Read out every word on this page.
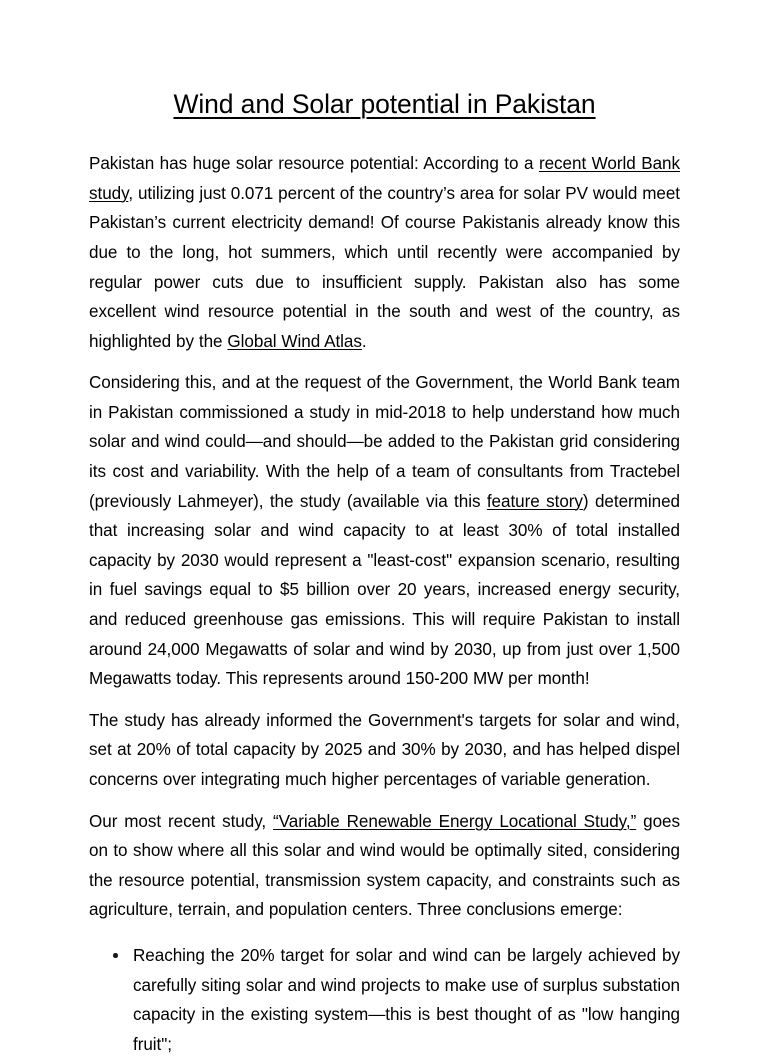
Wind and Solar potential in Pakistan

Pakistan has huge solar resource potential: According to a recent World Bank study, utilizing just 0.071 percent of the country’s area for solar PV would meet Pakistan’s current electricity demand! Of course Pakistanis already know this due to the long, hot summers, which until recently were accompanied by regular power cuts due to insufficient supply. Pakistan also has some excellent wind resource potential in the south and west of the country, as highlighted by the Global Wind Atlas.

Considering this, and at the request of the Government, the World Bank team in Pakistan commissioned a study in mid-2018 to help understand how much solar and wind could—and should—be added to the Pakistan grid considering its cost and variability. With the help of a team of consultants from Tractebel (previously Lahmeyer), the study (available via this feature story) determined that increasing solar and wind capacity to at least 30% of total installed capacity by 2030 would represent a "least-cost" expansion scenario, resulting in fuel savings equal to $5 billion over 20 years, increased energy security, and reduced greenhouse gas emissions. This will require Pakistan to install around 24,000 Megawatts of solar and wind by 2030, up from just over 1,500 Megawatts today. This represents around 150-200 MW per month!

The study has already informed the Government's targets for solar and wind, set at 20% of total capacity by 2025 and 30% by 2030, and has helped dispel concerns over integrating much higher percentages of variable generation.

Our most recent study, “Variable Renewable Energy Locational Study,” goes on to show where all this solar and wind would be optimally sited, considering the resource potential, transmission system capacity, and constraints such as agriculture, terrain, and population centers. Three conclusions emerge:

Reaching the 20% target for solar and wind can be largely achieved by carefully siting solar and wind projects to make use of surplus substation capacity in the existing system—this is best thought of as "low hanging fruit";
